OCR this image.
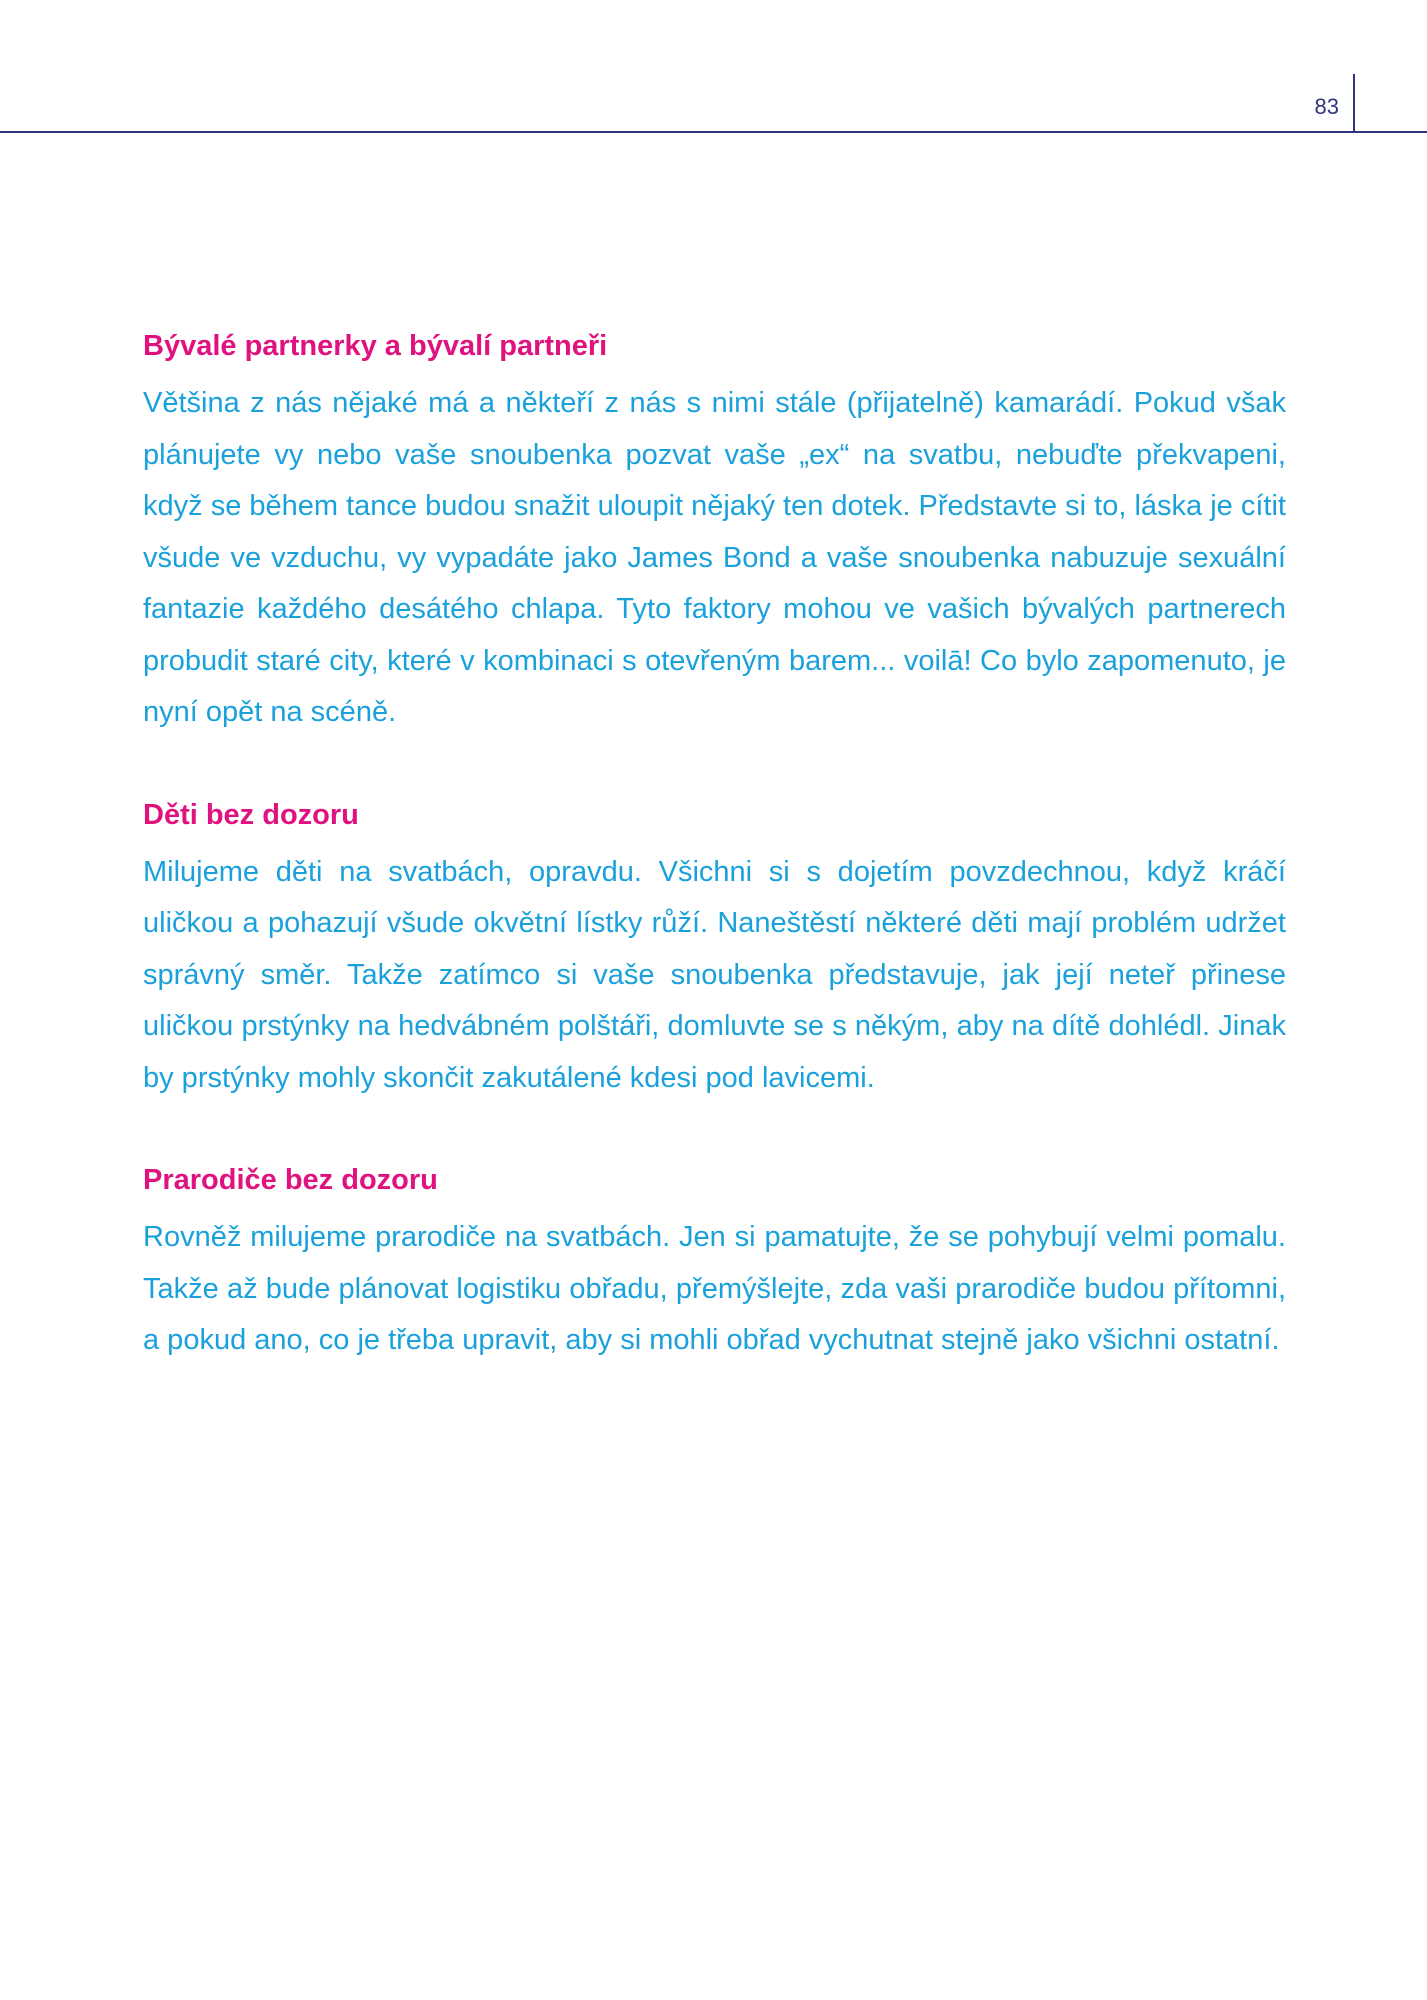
83
Bývalé partnerky a bývalí partneři

Většina z nás nějaké má a někteří z nás s nimi stále (přijatelně) kamarádí. Pokud však plánujete vy nebo vaše snoubenka pozvat vaše „ex“ na svatbu, nebuďte překvapeni, když se během tance budou snažit uloupit nějaký ten dotek. Představte si to, láska je cítit všude ve vzduchu, vy vypadáte jako James Bond a vaše snoubenka nabuzuje sexuální fantazie každého desátého chlapa. Tyto faktory mohou ve vašich bývalých partnerech probudit staré city, které v kombinaci s otevřeným barem... voilā! Co bylo zapomenuto, je nyní opět na scéně.

Děti bez dozoru

Milujeme děti na svatbách, opravdu. Všichni si s dojetím povzdechnou, když kráčí uličkou a pohazují všude okvětní lístky růží. Naneštěstí některé děti mají problém udržet správný směr. Takže zatímco si vaše snoubenka představuje, jak její neteř přinese uličkou prstýnky na hedvábném polštáři, domluvte se s někým, aby na dítě dohlédl. Jinak by prstýnky mohly skončit zakutálené kdesi pod lavicemi.

Prarodiče bez dozoru

Rovněž milujeme prarodiče na svatbách. Jen si pamatujte, že se pohybují velmi pomalu. Takže až bude plánovat logistiku obřadu, přemýšlejte, zda vaši prarodiče budou přítomni, a pokud ano, co je třeba upravit, aby si mohli obřad vychutnat stejně jako všichni ostatní.
